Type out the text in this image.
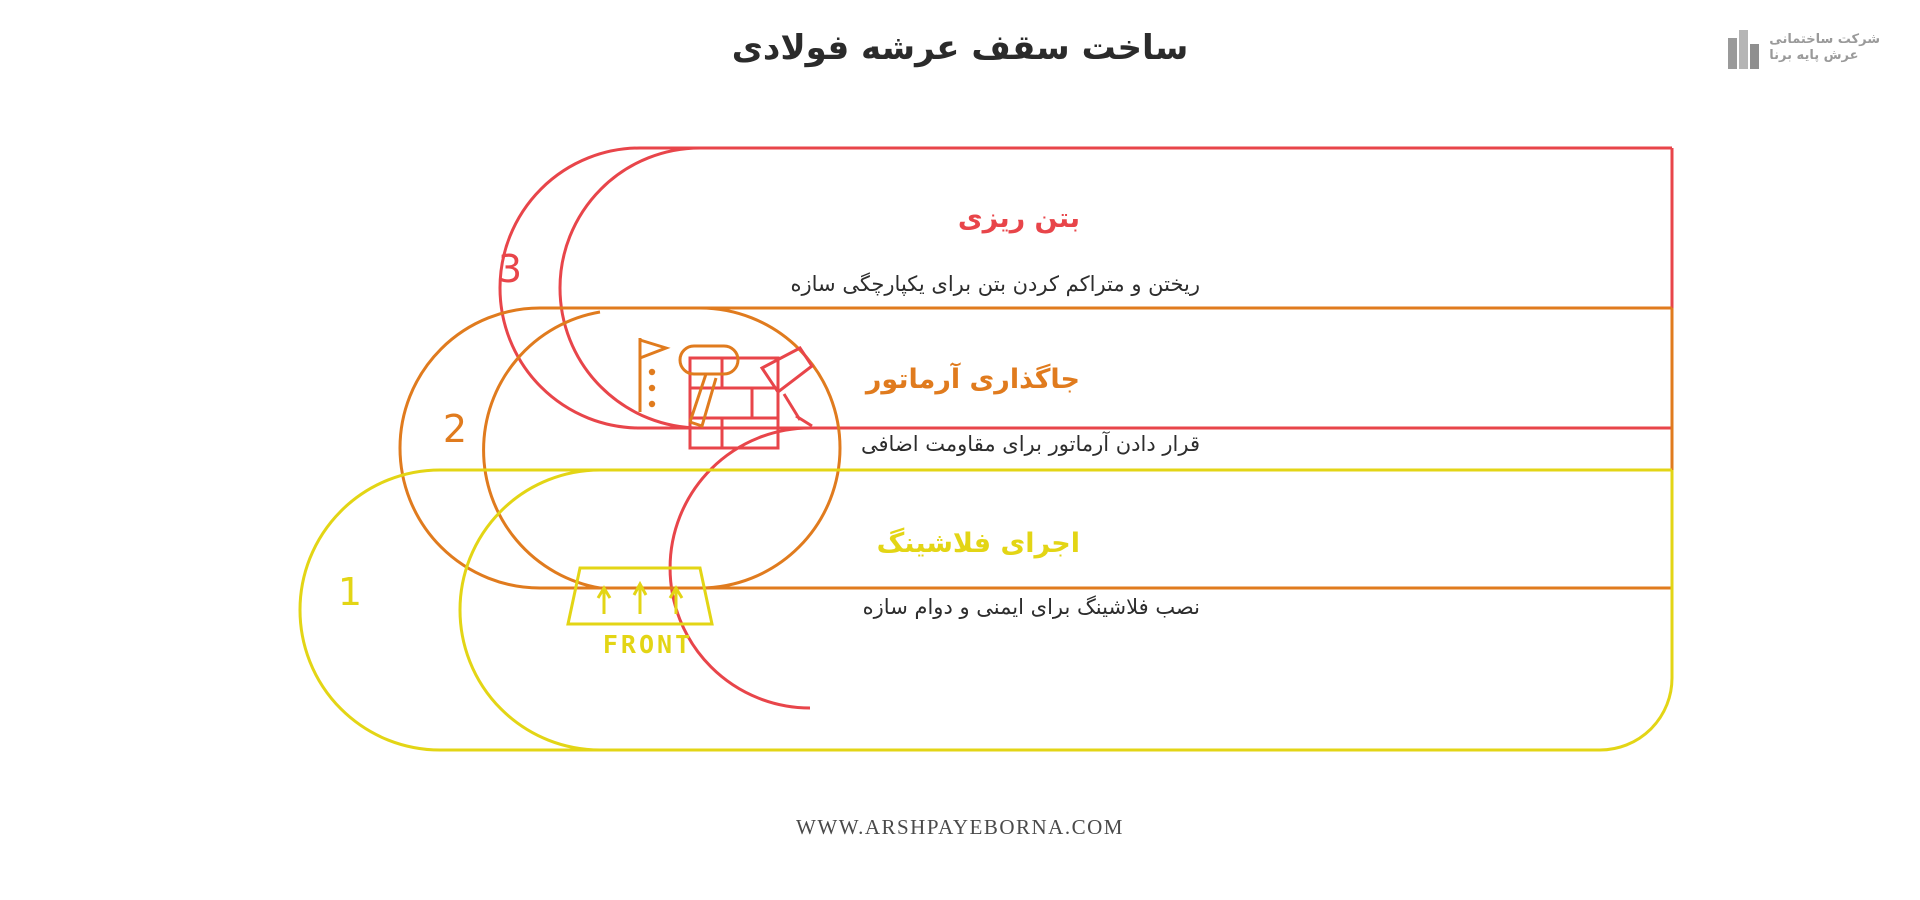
ساخت سقف عرشه فولادی	شرکت ساختمانی
عرش پایه برنا
3
2
1
بتن ریزی
جاگذاری آرماتور
اجرای فلاشینگ
ریختن و متراکم کردن بتن برای یکپارچگی سازه
قرار دادن آرماتور برای مقاومت اضافی
نصب فلاشینگ برای ایمنی و دوام سازه
FRONT
WWW.ARSHPAYEBORNA.COM
